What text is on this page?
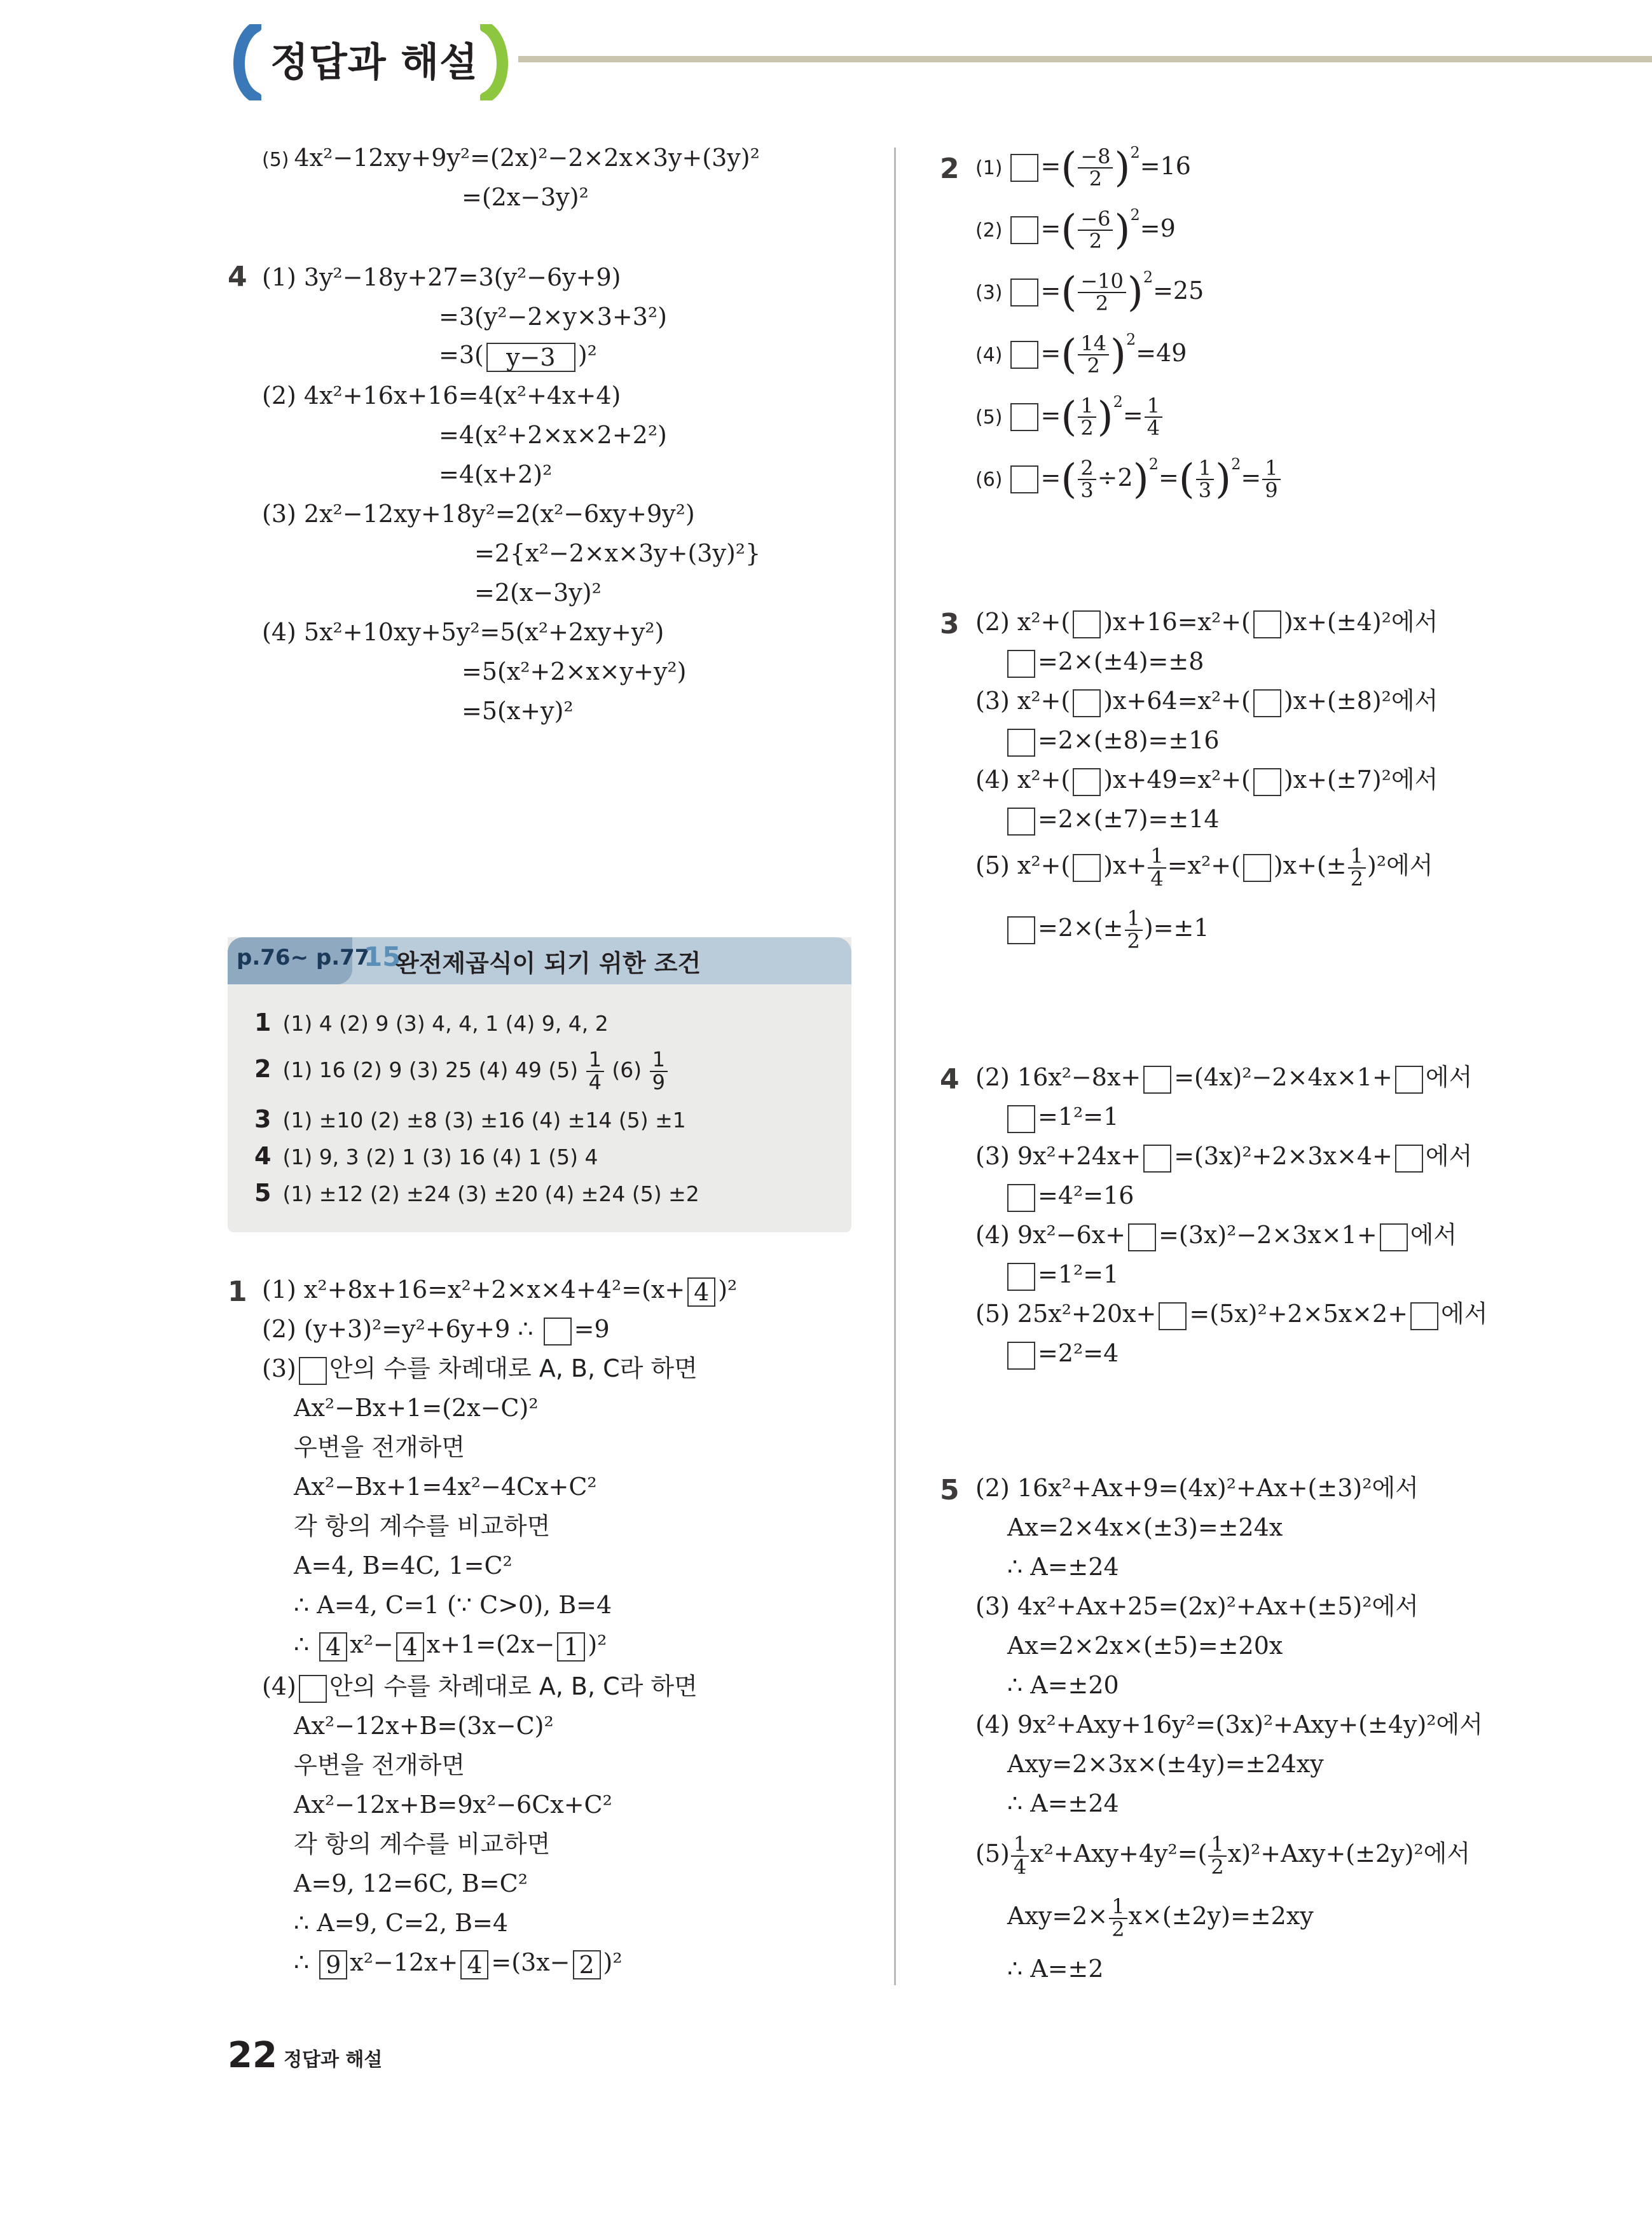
정답과 해설
(5) 4x²−12xy+9y²=(2x)²−2×2x×3y+(3y)²
=(2x−3y)²
4 (1) 3y²−18y+27=3(y²−6y+9)
=3(y²−2×y×3+3²)
=3( y−3 )²
(2) 4x²+16x+16=4(x²+4x+4)
=4(x²+2×x×2+2²)
=4(x+2)²
(3) 2x²−12xy+18y²=2(x²−6xy+9y²)
=2{x²−2×x×3y+(3y)²}
=2(x−3y)²
(4) 5x²+10xy+5y²=5(x²+2xy+y²)
=5(x²+2×x×y+y²)
=5(x+y)²
p.76~ p.77
15
완전제곱식이 되기 위한 조건
1 (1) 4 (2) 9 (3) 4, 4, 1 (4) 9, 4, 2
2 (1) 16 (2) 9 (3) 25 (4) 49 $(5) \frac{1}{4} (6) \frac{1}{9}$
3 (1) ±10 (2) ±8 (3) ±16 (4) ±14 (5) ±1
4 (1) 9, 3 (2) 1 (3) 16 (4) 1 (5) 4
5 (1) ±12 (2) ±24 (3) ±20 (4) ±24 (5) ±2
1 (1) x²+8x+16=x²+2×x×4+4²=(x+ 4 )²
(2) (y+3)²=y²+6y+9 ∴ =9
(3) 안의 수를 차례대로 A, B, C라 하면
Ax²−Bx+1=(2x−C)²
우변을 전개하면
Ax²−Bx+1=4x²−4Cx+C²
각 항의 계수를 비교하면
A=4, B=4C, 1=C²
∴ A=4, C=1 (∵ C>0), B=4
∴ 4 x²− 4 x+1=(2x− 1 )²
(4) 안의 수를 차례대로 A, B, C라 하면
Ax²−12x+B=(3x−C)²
우변을 전개하면
Ax²−12x+B=9x²−6Cx+C²
각 항의 계수를 비교하면
A=9, 12=6C, B=C²
∴ A=9, C=2, B=4
∴ 9 x²−12x+ 4 =(3x− 2 )²
2 (1) =( $\frac{-8}{2} )^2=16$
(2) =( $\frac{-6}{2} )^2=9$
(3) =( $\frac{-10}{2} )^2=25$
(4) =( $\frac{14}{2} )^2=49$
(5) =( $\frac{1}{2} )^2= \frac{1}{4}$
(6) =( $\frac{2}{3} \div 2)^2=( \frac{1}{3} )^2= \frac{1}{9}$
3 (2) x²+( )x+16=x²+( )x+(±4)²에서
=2×(±4)=±8
(3) x²+( )x+64=x²+( )x+(±8)²에서
=2×(±8)=±16
(4) x²+( )x+49=x²+( )x+(±7)²에서
=2×(±7)=±14
(5) x²+( )$x+ \frac{1}{4} =x^2+$( )$x+(\pm \frac{1}{2} )^2$에서
$=2\times(\pm \frac{1}{2} )=\pm 1$
4 (2) 16x²−8x+ =(4x)²−2×4x×1+ 에서
=1²=1
(3) 9x²+24x+ =(3x)²+2×3x×4+ 에서
=4²=16
(4) 9x²−6x+ =(3x)²−2×3x×1+ 에서
=1²=1
(5) 25x²+20x+ =(5x)²+2×5x×2+ 에서
=2²=4
5 (2) 16x²+Ax+9=(4x)²+Ax+(±3)²에서
Ax=2×4x×(±3)=±24x
∴ A=±24
(3) 4x²+Ax+25=(2x)²+Ax+(±5)²에서
Ax=2×2x×(±5)=±20x
∴ A=±20
(4) 9x²+Axy+16y²=(3x)²+Axy+(±4y)²에서
Axy=2×3x×(±4y)=±24xy
∴ A=±24
$(5) \frac{1}{4} x^2+Axy+4y^2=( \frac{1}{2} x)^2+Axy+(\pm 2y)^2$에서
$Axy=2\times \frac{1}{2} x\times(\pm 2y)=\pm 2xy$
∴ A=±2
22 정답과 해설
